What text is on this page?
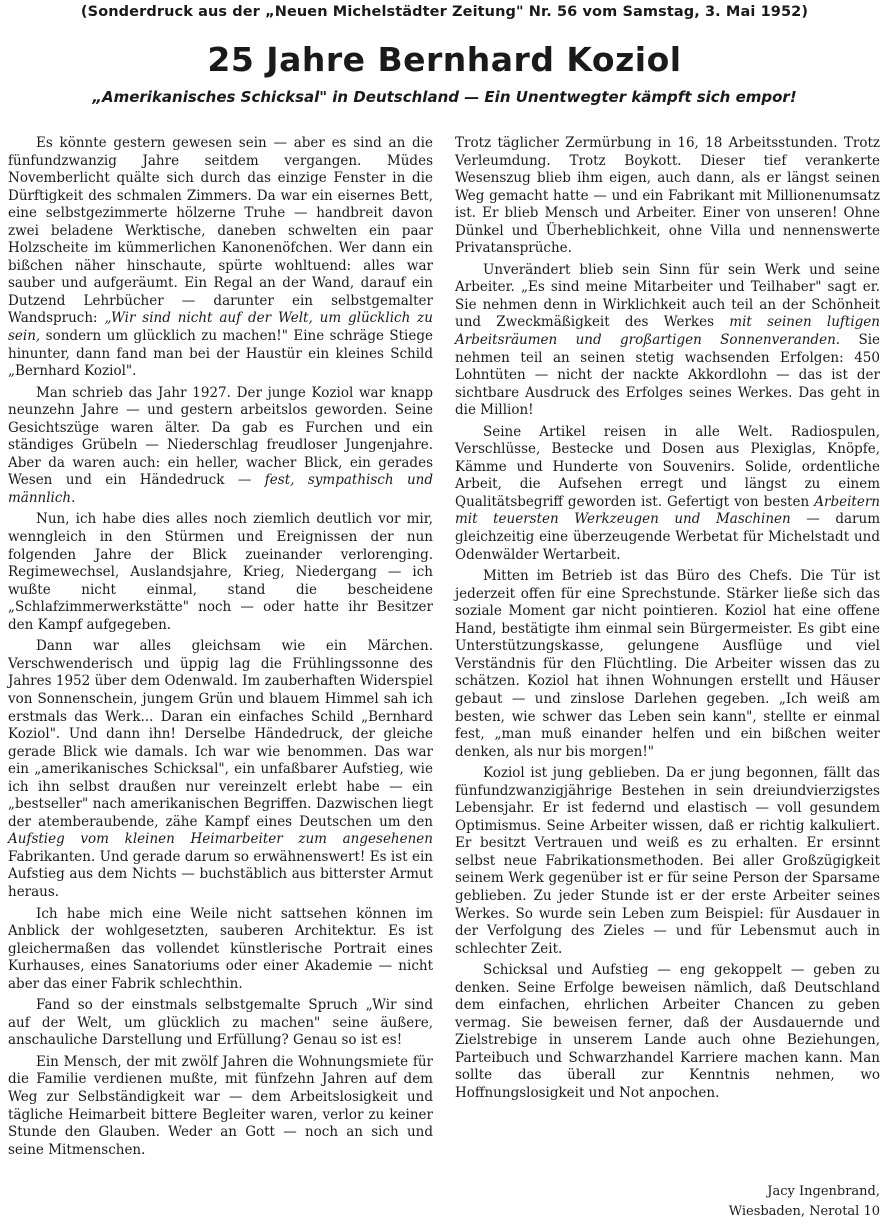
(Sonderdruck aus der „Neuen Michelstädter Zeitung" Nr. 56 vom Samstag, 3. Mai 1952)
25 Jahre Bernhard Koziol
„Amerikanisches Schicksal" in Deutschland — Ein Unentwegter kämpft sich empor!

Es könnte gestern gewesen sein — aber es sind an die fünfundzwanzig Jahre seitdem vergangen. Müdes Novemberlicht quälte sich durch das einzige Fenster in die Dürftigkeit des schmalen Zimmers. Da war ein eisernes Bett, eine selbstgezimmerte hölzerne Truhe — handbreit davon zwei beladene Werktische, daneben schwelten ein paar Holzscheite im kümmerlichen Kanonenöfchen. Wer dann ein bißchen näher hinschaute, spürte wohltuend: alles war sauber und aufgeräumt. Ein Regal an der Wand, darauf ein Dutzend Lehrbücher — darunter ein selbstgemalter Wandspruch: „Wir sind nicht auf der Welt, um glücklich zu sein, sondern um glücklich zu machen!" Eine schräge Stiege hinunter, dann fand man bei der Haustür ein kleines Schild „Bernhard Koziol".

Man schrieb das Jahr 1927. Der junge Koziol war knapp neunzehn Jahre — und gestern arbeitslos geworden. Seine Gesichtszüge waren älter. Da gab es Furchen und ein ständiges Grübeln — Niederschlag freudloser Jungenjahre. Aber da waren auch: ein heller, wacher Blick, ein gerades Wesen und ein Händedruck — fest, sympathisch und männlich.

Nun, ich habe dies alles noch ziemlich deutlich vor mir, wenngleich in den Stürmen und Ereignissen der nun folgenden Jahre der Blick zueinander verlorenging. Regimewechsel, Auslandsjahre, Krieg, Niedergang — ich wußte nicht einmal, stand die bescheidene „Schlafzimmerwerkstätte" noch — oder hatte ihr Besitzer den Kampf aufgegeben.

Dann war alles gleichsam wie ein Märchen. Verschwenderisch und üppig lag die Frühlingssonne des Jahres 1952 über dem Odenwald. Im zauberhaften Widerspiel von Sonnenschein, jungem Grün und blauem Himmel sah ich erstmals das Werk... Daran ein einfaches Schild „Bernhard Koziol". Und dann ihn! Derselbe Händedruck, der gleiche gerade Blick wie damals. Ich war wie benommen. Das war ein „amerikanisches Schicksal", ein unfaßbarer Aufstieg, wie ich ihn selbst draußen nur vereinzelt erlebt habe — ein „bestseller" nach amerikanischen Begriffen. Dazwischen liegt der atemberaubende, zähe Kampf eines Deutschen um den Aufstieg vom kleinen Heimarbeiter zum angesehenen Fabrikanten. Und gerade darum so erwähnenswert! Es ist ein Aufstieg aus dem Nichts — buchstäblich aus bitterster Armut heraus.

Ich habe mich eine Weile nicht sattsehen können im Anblick der wohlgesetzten, sauberen Architektur. Es ist gleichermaßen das vollendet künstlerische Portrait eines Kurhauses, eines Sanatoriums oder einer Akademie — nicht aber das einer Fabrik schlechthin.

Fand so der einstmals selbstgemalte Spruch „Wir sind auf der Welt, um glücklich zu machen" seine äußere, anschauliche Darstellung und Erfüllung? Genau so ist es!

Ein Mensch, der mit zwölf Jahren die Wohnungsmiete für die Familie verdienen mußte, mit fünfzehn Jahren auf dem Weg zur Selbständigkeit war — dem Arbeitslosigkeit und tägliche Heimarbeit bittere Begleiter waren, verlor zu keiner Stunde den Glauben. Weder an Gott — noch an sich und seine Mitmenschen.

Trotz täglicher Zermürbung in 16, 18 Arbeitsstunden. Trotz Verleumdung. Trotz Boykott. Dieser tief verankerte Wesenszug blieb ihm eigen, auch dann, als er längst seinen Weg gemacht hatte — und ein Fabrikant mit Millionenumsatz ist. Er blieb Mensch und Arbeiter. Einer von unseren! Ohne Dünkel und Überheblichkeit, ohne Villa und nennenswerte Privatansprüche.

Unverändert blieb sein Sinn für sein Werk und seine Arbeiter. „Es sind meine Mitarbeiter und Teilhaber" sagt er. Sie nehmen denn in Wirklichkeit auch teil an der Schönheit und Zweckmäßigkeit des Werkes mit seinen luftigen Arbeitsräumen und großartigen Sonnenveranden. Sie nehmen teil an seinen stetig wachsenden Erfolgen: 450 Lohntüten — nicht der nackte Akkordlohn — das ist der sichtbare Ausdruck des Erfolges seines Werkes. Das geht in die Million!

Seine Artikel reisen in alle Welt. Radiospulen, Verschlüsse, Bestecke und Dosen aus Plexiglas, Knöpfe, Kämme und Hunderte von Souvenirs. Solide, ordentliche Arbeit, die Aufsehen erregt und längst zu einem Qualitätsbegriff geworden ist. Gefertigt von besten Arbeitern mit teuersten Werkzeugen und Maschinen — darum gleichzeitig eine überzeugende Werbetat für Michelstadt und Odenwälder Wertarbeit.

Mitten im Betrieb ist das Büro des Chefs. Die Tür ist jederzeit offen für eine Sprechstunde. Stärker ließe sich das soziale Moment gar nicht pointieren. Koziol hat eine offene Hand, bestätigte ihm einmal sein Bürgermeister. Es gibt eine Unterstützungskasse, gelungene Ausflüge und viel Verständnis für den Flüchtling. Die Arbeiter wissen das zu schätzen. Koziol hat ihnen Wohnungen erstellt und Häuser gebaut — und zinslose Darlehen gegeben. „Ich weiß am besten, wie schwer das Leben sein kann", stellte er einmal fest, „man muß einander helfen und ein bißchen weiter denken, als nur bis morgen!"

Koziol ist jung geblieben. Da er jung begonnen, fällt das fünfundzwanzigjährige Bestehen in sein dreiundvierzigstes Lebensjahr. Er ist federnd und elastisch — voll gesundem Optimismus. Seine Arbeiter wissen, daß er richtig kalkuliert. Er besitzt Vertrauen und weiß es zu erhalten. Er ersinnt selbst neue Fabrikationsmethoden. Bei aller Großzügigkeit seinem Werk gegenüber ist er für seine Person der Sparsame geblieben. Zu jeder Stunde ist er der erste Arbeiter seines Werkes. So wurde sein Leben zum Beispiel: für Ausdauer in der Verfolgung des Zieles — und für Lebensmut auch in schlechter Zeit.

Schicksal und Aufstieg — eng gekoppelt — geben zu denken. Seine Erfolge beweisen nämlich, daß Deutschland dem einfachen, ehrlichen Arbeiter Chancen zu geben vermag. Sie beweisen ferner, daß der Ausdauernde und Zielstrebige in unserem Lande auch ohne Beziehungen, Parteibuch und Schwarzhandel Karriere machen kann. Man sollte das überall zur Kenntnis nehmen, wo Hoffnungslosigkeit und Not anpochen.

Jacy Ingenbrand,
Wiesbaden, Nerotal 10
